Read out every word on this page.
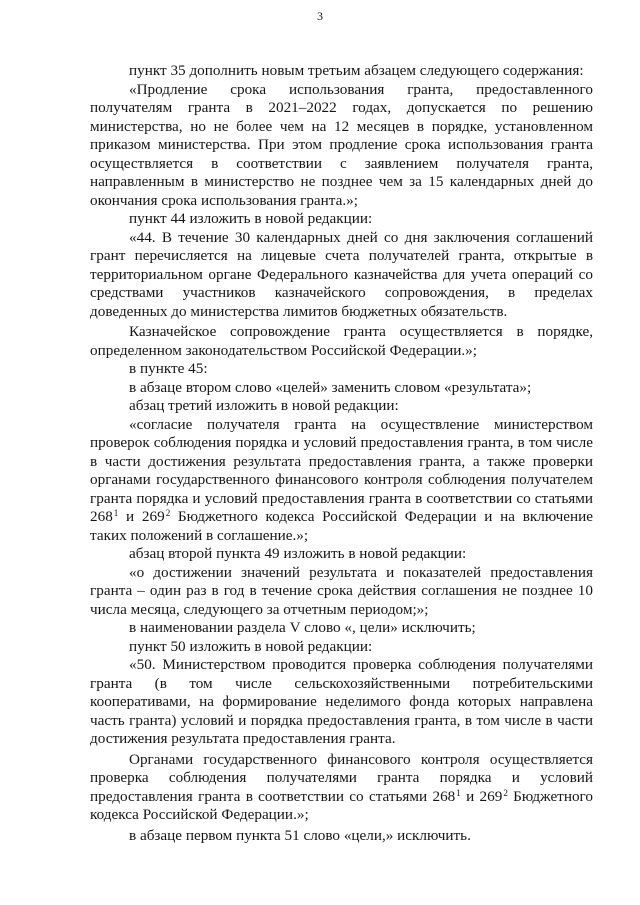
3

пункт 35 дополнить новым третьим абзацем следующего содержания:

«Продление срока использования гранта, предоставленного получателям гранта в 2021–2022 годах, допускается по решению министерства, но не более чем на 12 месяцев в порядке, установленном приказом министерства. При этом продление срока использования гранта осуществляется в соответствии с заявлением получателя гранта, направленным в министерство не позднее чем за 15 календарных дней до окончания срока использования гранта.»;

пункт 44 изложить в новой редакции:

«44. В течение 30 календарных дней со дня заключения соглашений грант перечисляется на лицевые счета получателей гранта, открытые в территориальном органе Федерального казначейства для учета операций со средствами участников казначейского сопровождения, в пределах доведенных до министерства лимитов бюджетных обязательств.

Казначейское сопровождение гранта осуществляется в порядке, определенном законодательством Российской Федерации.»;

в пункте 45:

в абзаце втором слово «целей» заменить словом «результата»;

абзац третий изложить в новой редакции:

«согласие получателя гранта на осуществление министерством проверок соблюдения порядка и условий предоставления гранта, в том числе в части достижения результата предоставления гранта, а также проверки органами государственного финансового контроля соблюдения получателем гранта порядка и условий предоставления гранта в соответствии со статьями $268^1$ и $269^2$ Бюджетного кодекса Российской Федерации и на включение таких положений в соглашение.»;

абзац второй пункта 49 изложить в новой редакции:

«о достижении значений результата и показателей предоставления гранта – один раз в год в течение срока действия соглашения не позднее 10 числа месяца, следующего за отчетным периодом;»;

в наименовании раздела V слово «, цели» исключить;

пункт 50 изложить в новой редакции:

«50. Министерством проводится проверка соблюдения получателями гранта (в том числе сельскохозяйственными потребительскими кооперативами, на формирование неделимого фонда которых направлена часть гранта) условий и порядка предоставления гранта, в том числе в части достижения результата предоставления гранта.

Органами государственного финансового контроля осуществляется проверка соблюдения получателями гранта порядка и условий предоставления гранта в соответствии со статьями $268^1$ и $269^2$ Бюджетного кодекса Российской Федерации.»;

в абзаце первом пункта 51 слово «цели,» исключить.
